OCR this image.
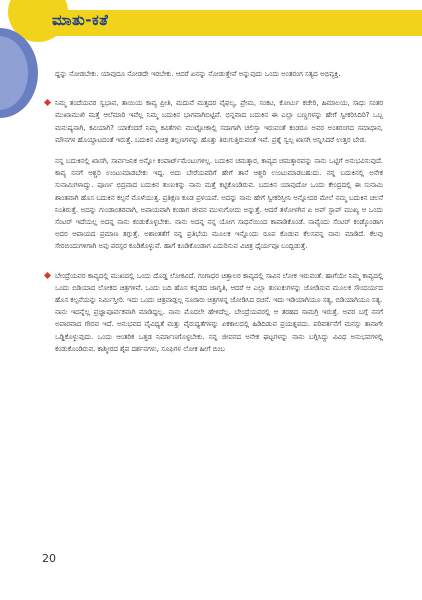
ಮಾತು-ಕತೆ

ದ್ದನ್ನು ನೋಡಬೇಕು. ಯಾವುದೂ ನೋಡದೇ ಇರಬೇಕು. ಆದರೆ ಏನನ್ನು ನೋಡುತ್ತೇವೆ ಅನ್ನುವುದು ಒಂದು ಅಂತರಂಗ ಸತ್ಯದ ಅಭಿವ್ಯಕ್ತಿ.

ನಿಮ್ಮ ತಂದೆಯವರ ಸ್ವಭಾವ, ತಾಯಿಯ ಕಾವ್ಯ ಪ್ರೀತಿ, ಮದುವೆ ಮತ್ತದರ ವೈಫಲ್ಯ, ಪ್ರೇಮ, ಸಂಕಟ, ಕೋರ್ಟು ಕಚೇರಿ, ಹಿಮಾಲಯ, ಸಾಧು ಸಂತರ ಮುಖಾಮುಖಿ ಮತ್ತೆ ಆಲೆಮಾರಿ ಇವೆಲ್ಲ ನಿಮ್ಮ ಬದುಕಿನ ಭಾಗವಾಗಿಬಿಟ್ಟಿವೆ. ಭಿನ್ನವಾದ ಬದುಕಿನ ಈ ಎಲ್ಲಾ ಬಣ್ಣಗಳನ್ನು ಹೇಗೆ ಸ್ವೀಕರಿಸಿದಿರಿ? ಒಬ್ಬ ಮನುಷ್ಯನಾಗಿ, ಕವಿಯಾಗಿ? ಯಾಕೆಂದರೆ ನಿಮ್ಮ ಕವಿತೆಗಳು ಮುಟ್ಟೋಕಾಲ್ಲಿ ಸದಾಗಾಗಿ ಚಲಿಸ್ತಾ ಇರುವಂತೆ ಕಂಡರೂ ಅವರ ಅಂತರಂಗದ ಸಮಾಧಾನ, ಮೌನಗಳ ಹೊಯ್ದಾಟದಂತೆ ಇರುತ್ತೆ. ಬದುಕಿನ ವಿಚಿತ್ರ ತಲ್ಲಣಗಳನ್ನು ಹೊತ್ತು ತಿರುಗುತ್ತಿರುವಂತೆ ಇವೆ. ಪ್ರಶ್ನೆ ಸ್ವಲ್ಪ ಖಾಸಗಿ ಅನ್ನಿಸಿದರೆ ಉತ್ತರ ಬೇಡ.

ನನ್ನ ಬದುಕಿನಲ್ಲಿ ಖಾಸಗಿ, ಸಾರ್ವಜನಿಕ ಅನ್ನೋ ಕಂಪಾರ್ಟ್‌ಮೆಂಟುಗಳಿಲ್ಲ. ಬದುಕಿನ ಚಮತ್ಕಾರ, ಕಾವ್ಯದ ಚಮತ್ಕಾರವನ್ನು ನಾನು ಒಟ್ಟಿಗೆ ಅನುಭವಿಸುವುದೆ. ಕಾವ್ಯ ನನಗೆ ಆಶ್ಚರಿ ಉಂಟುಮಾಡಬೇಕು ಇದ್ದ. ಅದು ಬೇರೆಯವರಿಗೆ ಹೇಗೆ ತಾನೆ ಆಶ್ಚರಿ ಉಂಟುಮಾಡಬಹುದು. ನನ್ನ ಬದುಕಿನಲ್ಲಿ ಅನೇಕ ಸುನಾಮಿಗಳಾದ್ವು. ಪೂರ್ಣ ಛಿದ್ರವಾದ ಬದುಕಿನ ತುಣುಕನ್ನು ನಾನು ಮತ್ತೆ ಕಟ್ಟಿಕೊಂಡಿರುವ. ಬದುಕಿನ ಯಾವುದೋ ಒಂದು ಕೇಂದ್ರದಲ್ಲಿ ಈ ಸುನಾಮಿ ಶಾಂತವಾಗಿ ಹೊಸ ಬದುಕಿನ ಕಲ್ಪನೆ ಮೊಳೆಯುತ್ತ. ಪ್ರತಿಕ್ಷಣ ಕೂಡ ಪ್ರಳಯವೆ. ಅದನ್ನು ನಾನು ಹೇಗೆ ಸ್ವೀಕರಿಸ್ತೀನಿ ಅನ್ನೋದರ ಮೇಲೆ ನಮ್ಮ ಬದುಕಿನ ಚಲನೆ ನಿಂತಿರುತ್ತೆ. ಅದನ್ನು ಗುಂಡಾಂತರವಾಗಿ, ಅಪಾಯವಾಗಿ ಕಂಡಾಗ ಜೀವನ ಮುಳುಗೋದು ಅನ್ನುತ್ತೆ. ಆದರೆ ತಳೋಳಗಿನ ಏ ಅಪ್ ಸ್ಟಾಪ್ ಮುಖ್ಯ ಆ ಒಂದು ಸೆಂಟರ್ ಇದೆಯಲ್ಲ ಅದನ್ನ ನಾನು ಕಂಡುಕೊಳ್ಳಬೇಕು. ನಾನು ಅದನ್ನ ನನ್ನ ಯೋಗ ಸಾಧನೆಯಿಂದ ಕಾಪಾಡಿಕೊಂಡೆ. ನಾವ್ಯೆಂದು ಸೆಂಟರ್ ಕಂಡ್ಕೊಂಡಾಗ ಅದರ ಆಪಾಯದ ಪ್ರಮಾಣ ತಗ್ಗುತ್ತೆ. ಅಶಾಂತತೆಗೆ ನನ್ನ ಪ್ರತಿಭೆಯ ಮೂಲಕ ಇನ್ನೊಂದು ರೂಪ ಕೊಡುವ ಕೆಲಸವನ್ನ ನಾನು ಮಾಡಿದೆ. ಕೆಲವು ಸೇರಬಿಂದುಗಳಿಗಾಗಿ ಅವು ಪರಸ್ಪರ ಕೂಡಿಕೊಳ್ಳುವೆ. ಹಾಗೆ ಕೂಡಿಕೊಂಡಾಗ ಎದುರಿಸುವ ವಿಚಿತ್ರ ಧೈರ್ಯವೂ ಬಂದ್ಬಿಡುತ್ತೆ.

ಬೇಂದ್ರೆಯವರ ಕಾವ್ಯದಲ್ಲಿ ಮುಖದಲ್ಲಿ ಒಂದು ದೊಡ್ಡ ಲೋಕವಿದೆ. ಗಂಗಾಧರ ಚಿತ್ತಾಲರ ಕಾವ್ಯದಲ್ಲಿ ಸಾವಿನ ಲೋಕ ಇರುವಂತೆ. ಹಾಗೆಯೇ ನಿಮ್ಮ ಕಾವ್ಯದಲ್ಲಿ ಒಂದು ಬಿಡಿಯಾದ ಲೋಕದ ಚಿತ್ರಗಳಿವೆ. ಒಂದು ಬದಿ ಹೊಸ ಕನ್ನಡದ ಜಾಗೃತಿ, ಆದರೆ ಆ ಎಲ್ಲಾ ತುಣುಕುಗಳನ್ನು ಜೋಡಿಸುವ ಮೂಲಕ ಸೌಂದರ್ಯದ ಹೊಸ ಕಲ್ಪನೆಯನ್ನು ನಿರ್ಮಿಸ್ತೀರಿ. ಇದು ಒಂದು ಚಿತ್ರವಾಡ್ಲಲ್ಲ ನೂರಾರು ಚಿತ್ರಗಳನ್ನ ಜೋಡಿಸಿದ ರಚನೆ. ಇದು ಇಡಿಯಾಗಿಯೂ ಸತ್ಯ, ಬಿಡಿಯಾಗಿಯೂ ಸತ್ಯ.

ನಾನು ಇದನ್ನೆಲ್ಲ ಪ್ರಜ್ಞಾಪೂರ್ವಕವಾಗಿ ಮಾಡಿದ್ದಲ್ಲ. ನಾನು ಮೊದಲೇ ಹೇಳಿದೆಲ್ಲ. ಬೇಂದ್ರೆಯವರಲ್ಲಿ ಆ ತರಹದ ಸಾಮಗ್ರಿ ಇರುತ್ತೆ. ಅವರ ಬಗ್ಗೆ ನನಗೆ ಅಪಾರವಾದ ಗೌರವ ಇದೆ. ಅನುಭವದ ವೈವಿಧ್ಯತೆ ಮತ್ತು ವೈರುಧ್ಯತೆಗಳನ್ನು ಏಕಕಾಲದಲ್ಲಿ ಹಿಡಿದಿಡುವ ಪ್ರಯತ್ನವದು. ಪರಿವರ್ತನೆಗೆ ಮನಸ್ಸು ತಾನಾಗೇ ಒಡ್ಡಿಕೊಳ್ಳುವುದು. ಒಂದು ಆಂತರಿಕ ಒತ್ತಡ ನಿರ್ಮಾಣಗೊಳ್ಳಬೇಕು. ನನ್ನ ಜೀವನದ ಅನೇಕ ಘಟ್ಟಗಳನ್ನು ನಾನು ಬಗ್ಗಿಸಿದ್ದು ವಿವಿಧ ಅನುಭವಗಳಲ್ಲಿ ಕಂಡುಕೊಂಡಿರುವ. ಕಾಶ್ಮೀರದ ಶೈವ ದರ್ಶನಗಳು, ಸೂಫಿಗಳ ಲೋಕ ಹೀಗೆ ಬಿಂಬ

20
